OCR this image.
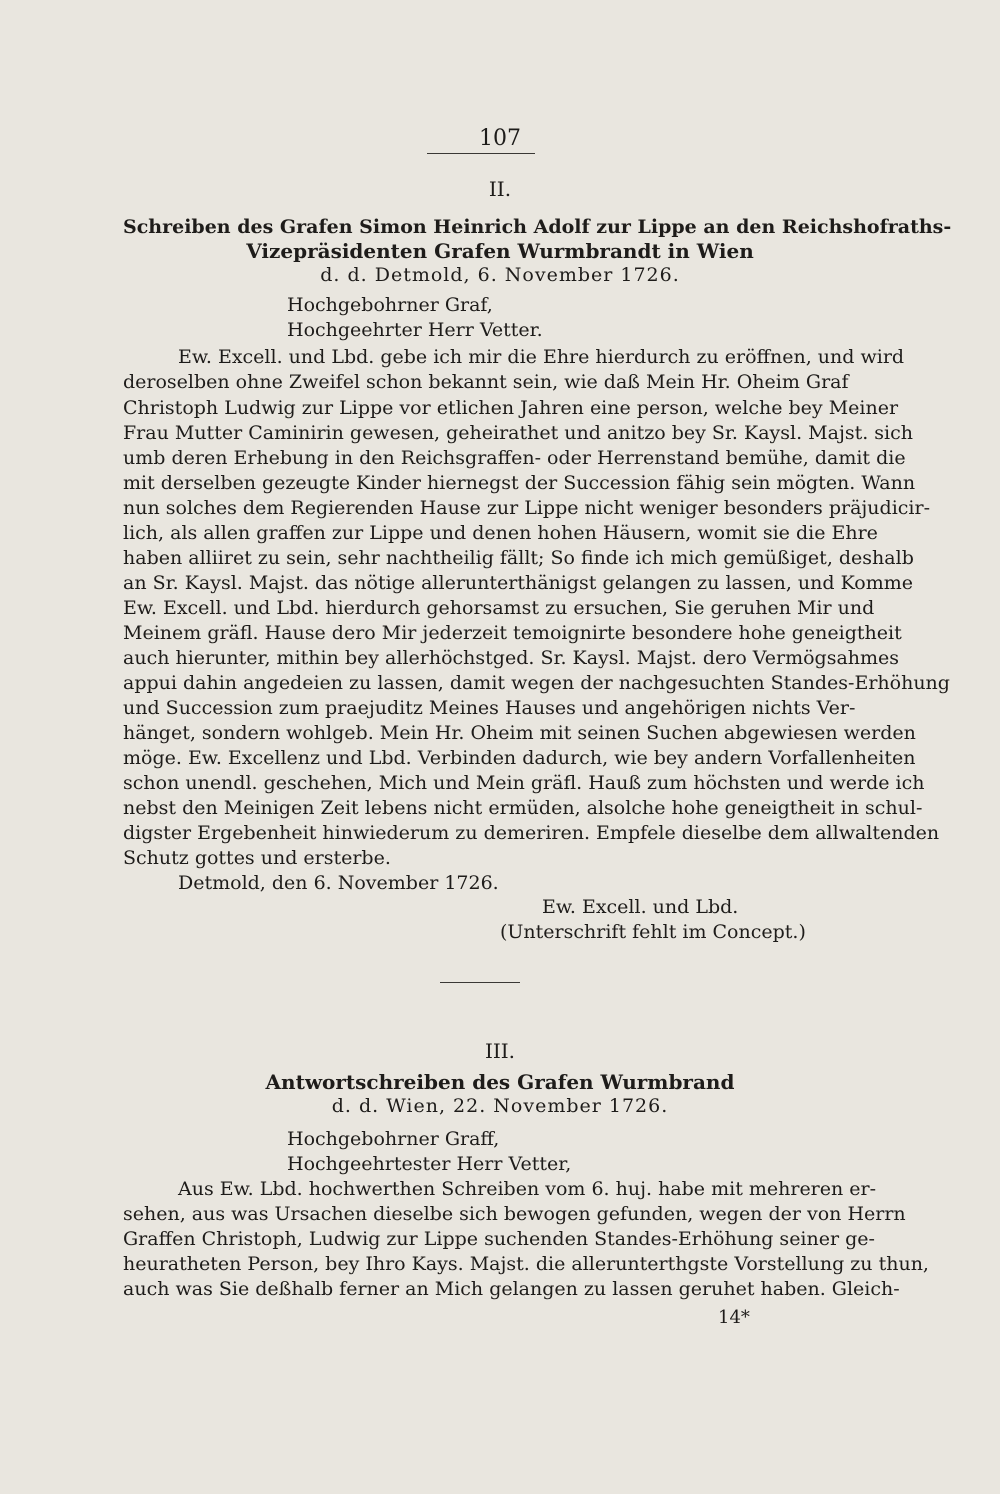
107
II.
Schreiben des Grafen Simon Heinrich Adolf zur Lippe an den Reichshofraths-
Vizepräsidenten Grafen Wurmbrandt in Wien
d. d. Detmold, 6. November 1726.
Hochgebohrner Graf,
Hochgeehrter Herr Vetter.
Ew. Excell. und Lbd. gebe ich mir die Ehre hierdurch zu eröffnen, und wird
deroselben ohne Zweifel schon bekannt sein, wie daß Mein Hr. Oheim Graf
Christoph Ludwig zur Lippe vor etlichen Jahren eine person, welche bey Meiner
Frau Mutter Caminirin gewesen, geheirathet und anitzo bey Sr. Kaysl. Majst. sich
umb deren Erhebung in den Reichsgraffen- oder Herrenstand bemühe, damit die
mit derselben gezeugte Kinder hiernegst der Succession fähig sein mögten. Wann
nun solches dem Regierenden Hause zur Lippe nicht weniger besonders präjudicir-
lich, als allen graffen zur Lippe und denen hohen Häusern, womit sie die Ehre
haben alliiret zu sein, sehr nachtheilig fällt; So finde ich mich gemüßiget, deshalb
an Sr. Kaysl. Majst. das nötige allerunterthänigst gelangen zu lassen, und Komme
Ew. Excell. und Lbd. hierdurch gehorsamst zu ersuchen, Sie geruhen Mir und
Meinem gräfl. Hause dero Mir jederzeit temoignirte besondere hohe geneigtheit
auch hierunter, mithin bey allerhöchstged. Sr. Kaysl. Majst. dero Vermögsahmes
appui dahin angedeien zu lassen, damit wegen der nachgesuchten Standes-Erhöhung
und Succession zum praejuditz Meines Hauses und angehörigen nichts Ver-
hänget, sondern wohlgeb. Mein Hr. Oheim mit seinen Suchen abgewiesen werden
möge. Ew. Excellenz und Lbd. Verbinden dadurch, wie bey andern Vorfallenheiten
schon unendl. geschehen, Mich und Mein gräfl. Hauß zum höchsten und werde ich
nebst den Meinigen Zeit lebens nicht ermüden, alsolche hohe geneigtheit in schul-
digster Ergebenheit hinwiederum zu demeriren. Empfele dieselbe dem allwaltenden
Schutz gottes und ersterbe.
Detmold, den 6. November 1726.
Ew. Excell. und Lbd.
(Unterschrift fehlt im Concept.)
III.
Antwortschreiben des Grafen Wurmbrand
d. d. Wien, 22. November 1726.
Hochgebohrner Graff,
Hochgeehrtester Herr Vetter,
Aus Ew. Lbd. hochwerthen Schreiben vom 6. huj. habe mit mehreren er-
sehen, aus was Ursachen dieselbe sich bewogen gefunden, wegen der von Herrn
Graffen Christoph, Ludwig zur Lippe suchenden Standes-Erhöhung seiner ge-
heuratheten Person, bey Ihro Kays. Majst. die allerunterthgste Vorstellung zu thun,
auch was Sie deßhalb ferner an Mich gelangen zu lassen geruhet haben. Gleich-
14*
